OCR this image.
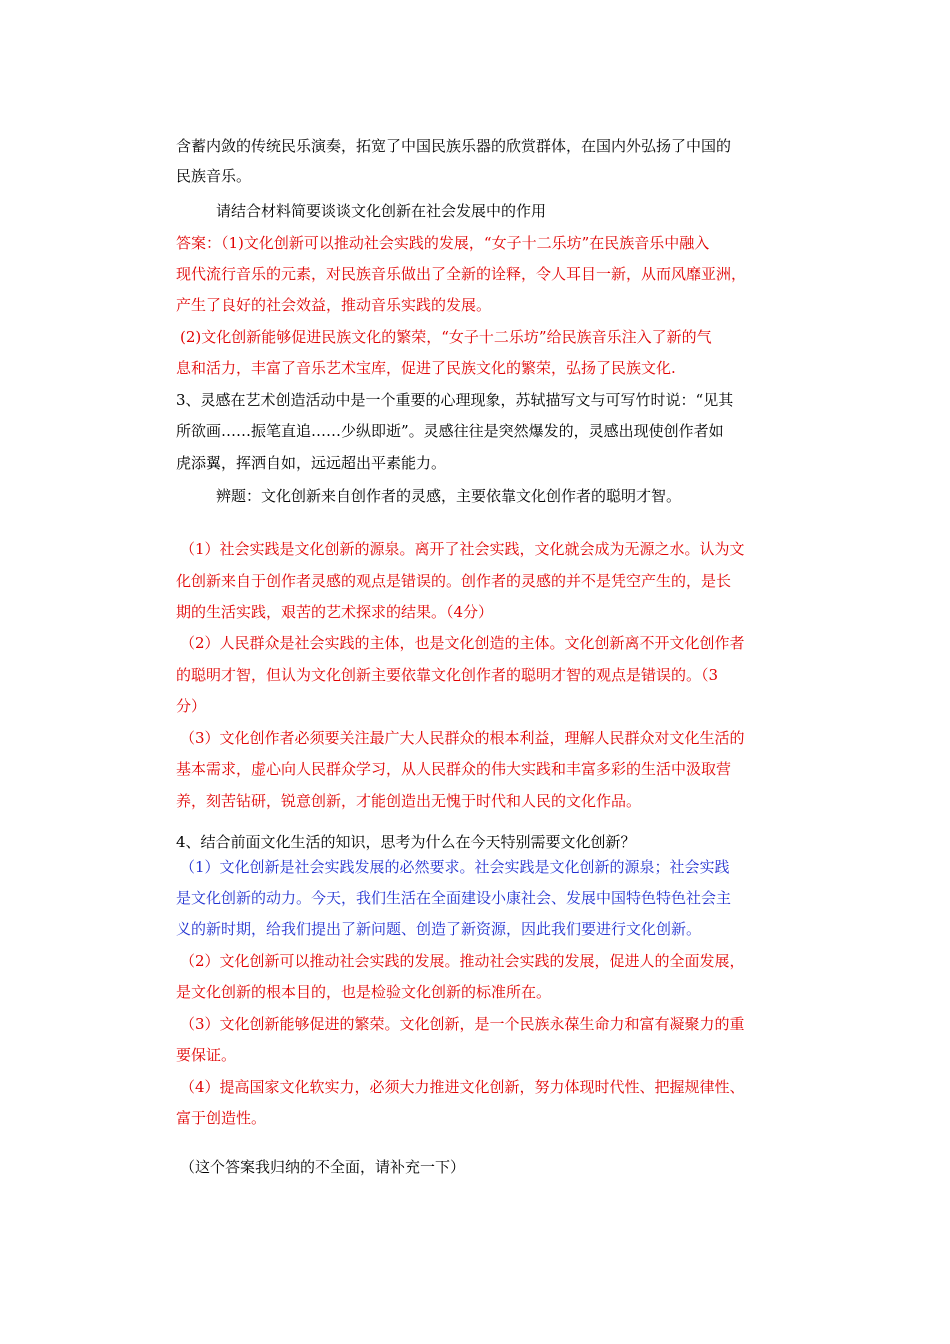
含蓄内敛的传统民乐演奏，拓宽了中国民族乐器的欣赏群体，在国内外弘扬了中国的
民族音乐。
请结合材料简要谈谈文化创新在社会发展中的作用
答案：（1)文化创新可以推动社会实践的发展，“女子十二乐坊”在民族音乐中融入
现代流行音乐的元素，对民族音乐做出了全新的诠释，令人耳目一新，从而风靡亚洲，
产生了良好的社会效益，推动音乐实践的发展。
(2)文化创新能够促进民族文化的繁荣，“女子十二乐坊”给民族音乐注入了新的气
息和活力，丰富了音乐艺术宝库，促进了民族文化的繁荣，弘扬了民族文化.
3、灵感在艺术创造活动中是一个重要的心理现象，苏轼描写文与可写竹时说：“见其
所欲画……振笔直追……少纵即逝”。灵感往往是突然爆发的，灵感出现使创作者如
虎添翼，挥洒自如，远远超出平素能力。
辨题：文化创新来自创作者的灵感，主要依靠文化创作者的聪明才智。
（1）社会实践是文化创新的源泉。离开了社会实践，文化就会成为无源之水。认为文
化创新来自于创作者灵感的观点是错误的。创作者的灵感的并不是凭空产生的，是长
期的生活实践，艰苦的艺术探求的结果。（4分）
（2）人民群众是社会实践的主体，也是文化创造的主体。文化创新离不开文化创作者
的聪明才智，但认为文化创新主要依靠文化创作者的聪明才智的观点是错误的。（3
分）
（3）文化创作者必须要关注最广大人民群众的根本利益，理解人民群众对文化生活的
基本需求，虚心向人民群众学习，从人民群众的伟大实践和丰富多彩的生活中汲取营
养，刻苦钻研，锐意创新，才能创造出无愧于时代和人民的文化作品。
4、结合前面文化生活的知识，思考为什么在今天特别需要文化创新？
（1）文化创新是社会实践发展的必然要求。社会实践是文化创新的源泉；社会实践
是文化创新的动力。今天，我们生活在全面建设小康社会、发展中国特色特色社会主
义的新时期，给我们提出了新问题、创造了新资源，因此我们要进行文化创新。
（2）文化创新可以推动社会实践的发展。推动社会实践的发展，促进人的全面发展，
是文化创新的根本目的，也是检验文化创新的标准所在。
（3）文化创新能够促进的繁荣。文化创新，是一个民族永葆生命力和富有凝聚力的重
要保证。
（4）提高国家文化软实力，必须大力推进文化创新，努力体现时代性、把握规律性、
富于创造性。
（这个答案我归纳的不全面，请补充一下）
